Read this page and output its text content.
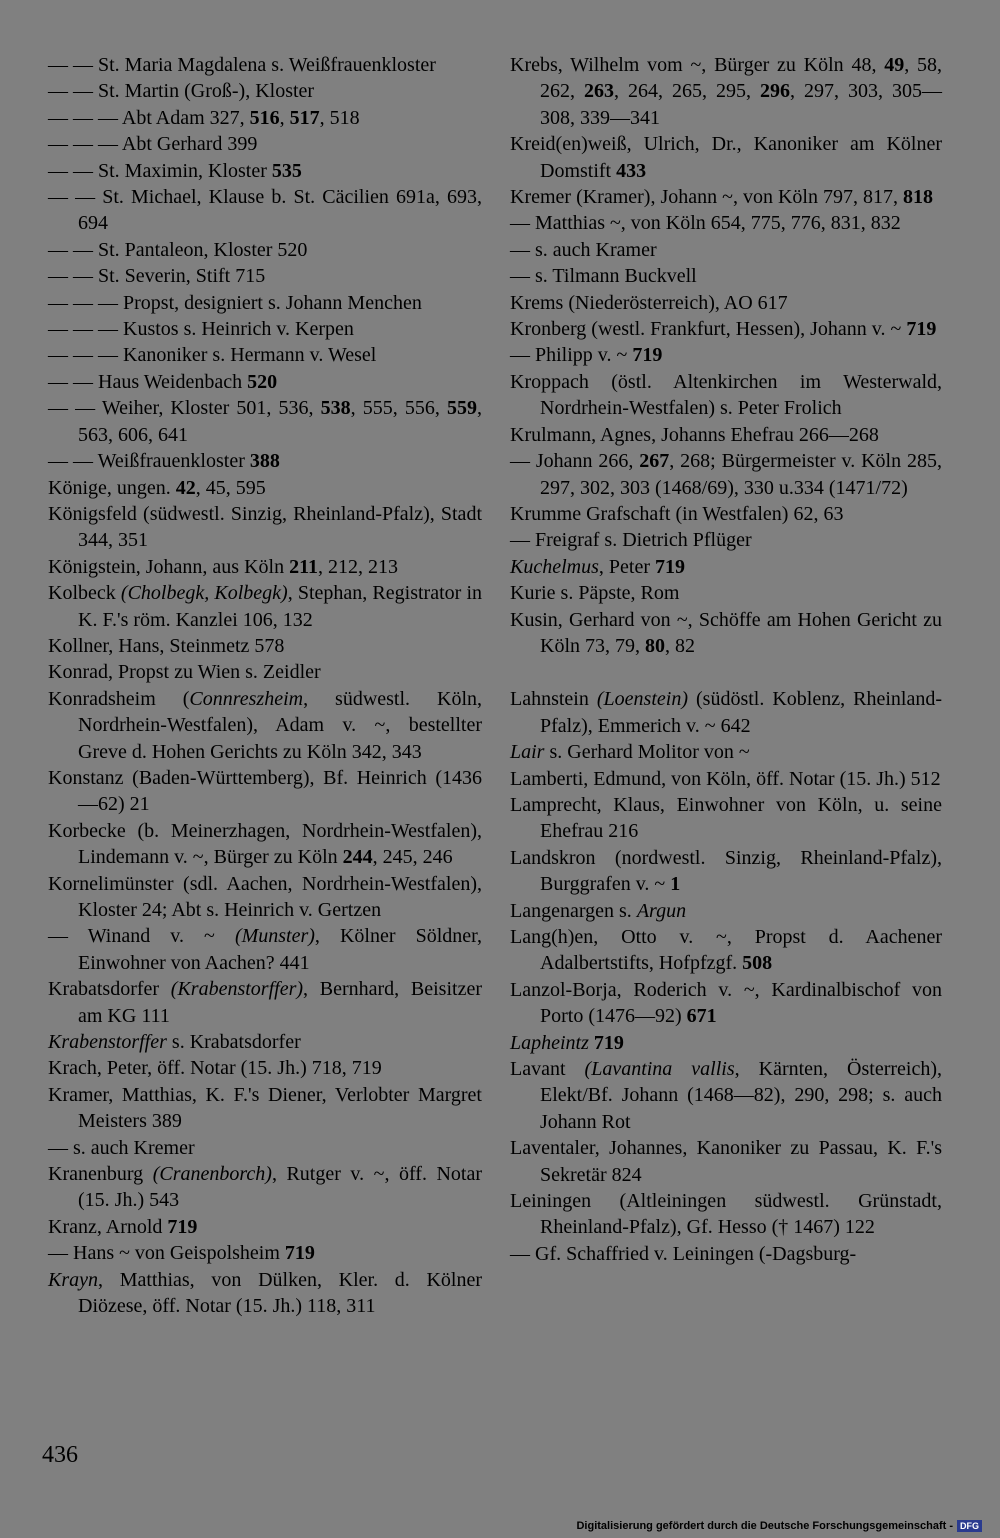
— — St. Maria Magdalena s. Weißfrauenkloster
— — St. Martin (Groß-), Kloster
— — — Abt Adam 327, 516, 517, 518
— — — Abt Gerhard 399
— — St. Maximin, Kloster 535
— — St. Michael, Klause b. St. Cäcilien 691a, 693, 694
— — St. Pantaleon, Kloster 520
— — St. Severin, Stift 715
— — — Propst, designiert s. Johann Menchen
— — — Kustos s. Heinrich v. Kerpen
— — — Kanoniker s. Hermann v. Wesel
— — Haus Weidenbach 520
— — Weiher, Kloster 501, 536, 538, 555, 556, 559, 563, 606, 641
— — Weißfrauenkloster 388
Könige, ungen. 42, 45, 595
Königsfeld (südwestl. Sinzig, Rheinland-Pfalz), Stadt 344, 351
Königstein, Johann, aus Köln 211, 212, 213
Kolbeck (Cholbegk, Kolbegk), Stephan, Registrator in K. F.'s röm. Kanzlei 106, 132
Kollner, Hans, Steinmetz 578
Konrad, Propst zu Wien s. Zeidler
Konradsheim (Connreszheim, südwestl. Köln, Nordrhein-Westfalen), Adam v. ~, bestellter Greve d. Hohen Gerichts zu Köln 342, 343
Konstanz (Baden-Württemberg), Bf. Heinrich (1436—62) 21
Korbecke (b. Meinerzhagen, Nordrhein-Westfalen), Lindemann v. ~, Bürger zu Köln 244, 245, 246
Kornelimünster (sdl. Aachen, Nordrhein-Westfalen), Kloster 24; Abt s. Heinrich v. Gertzen
— Winand v. ~ (Munster), Kölner Söldner, Einwohner von Aachen? 441
Krabatsdorfer (Krabenstorffer), Bernhard, Beisitzer am KG 111
Krabenstorffer s. Krabatsdorfer
Krach, Peter, öff. Notar (15. Jh.) 718, 719
Kramer, Matthias, K. F.'s Diener, Verlobter Margret Meisters 389
— s. auch Kremer
Kranenburg (Cranenborch), Rutger v. ~, öff. Notar (15. Jh.) 543
Kranz, Arnold 719
— Hans ~ von Geispolsheim 719
Krayn, Matthias, von Dülken, Kler. d. Kölner Diözese, öff. Notar (15. Jh.) 118, 311
Krebs, Wilhelm vom ~, Bürger zu Köln 48, 49, 58, 262, 263, 264, 265, 295, 296, 297, 303, 305—308, 339—341
Kreid(en)weiß, Ulrich, Dr., Kanoniker am Kölner Domstift 433
Kremer (Kramer), Johann ~, von Köln 797, 817, 818
— Matthias ~, von Köln 654, 775, 776, 831, 832
— s. auch Kramer
— s. Tilmann Buckvell
Krems (Niederösterreich), AO 617
Kronberg (westl. Frankfurt, Hessen), Johann v. ~ 719
— Philipp v. ~ 719
Kroppach (östl. Altenkirchen im Westerwald, Nordrhein-Westfalen) s. Peter Frolich
Krulmann, Agnes, Johanns Ehefrau 266—268
— Johann 266, 267, 268; Bürgermeister v. Köln 285, 297, 302, 303 (1468/69), 330 u.334 (1471/72)
Krumme Grafschaft (in Westfalen) 62, 63
— Freigraf s. Dietrich Pflüger
Kuchelmus, Peter 719
Kurie s. Päpste, Rom
Kusin, Gerhard von ~, Schöffe am Hohen Gericht zu Köln 73, 79, 80, 82
Lahnstein (Loenstein) (südöstl. Koblenz, Rheinland-Pfalz), Emmerich v. ~ 642
Lair s. Gerhard Molitor von ~
Lamberti, Edmund, von Köln, öff. Notar (15. Jh.) 512
Lamprecht, Klaus, Einwohner von Köln, u. seine Ehefrau 216
Landskron (nordwestl. Sinzig, Rheinland-Pfalz), Burggrafen v. ~ 1
Langenargen s. Argun
Lang(h)en, Otto v. ~, Propst d. Aachener Adalbertstifts, Hofpfzgf. 508
Lanzol-Borja, Roderich v. ~, Kardinalbischof von Porto (1476—92) 671
Lapheintz 719
Lavant (Lavantina vallis, Kärnten, Österreich), Elekt/Bf. Johann (1468—82), 290, 298; s. auch Johann Rot
Laventaler, Johannes, Kanoniker zu Passau, K. F.'s Sekretär 824
Leiningen (Altleiningen südwestl. Grünstadt, Rheinland-Pfalz), Gf. Hesso († 1467) 122
— Gf. Schaffried v. Leiningen (-Dagsburg-
436
Digitalisierung gefördert durch die Deutsche Forschungsgemeinschaft - DFG
